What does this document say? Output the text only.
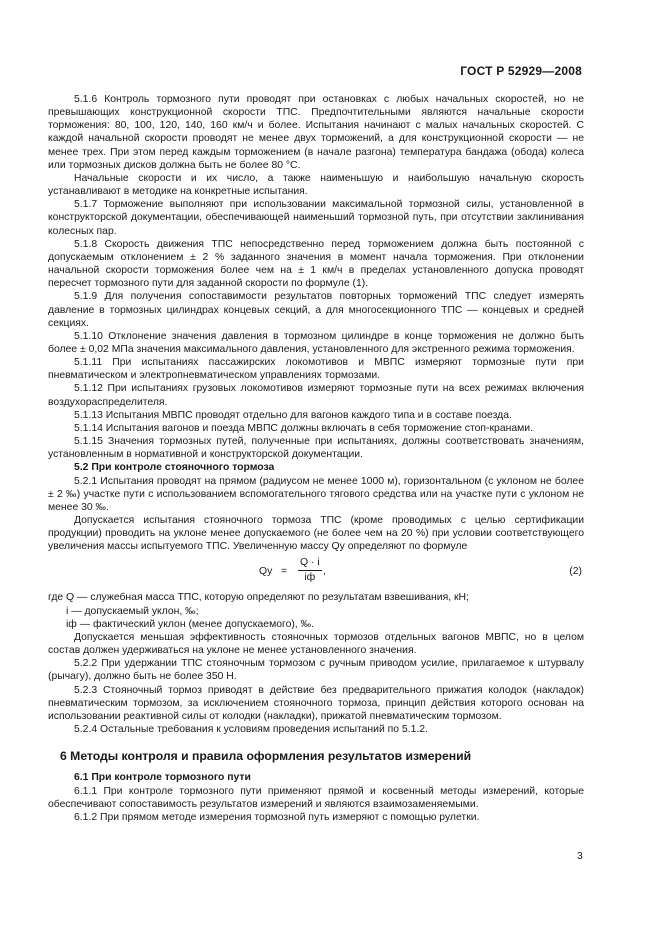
ГОСТ Р 52929—2008

5.1.6 Контроль тормозного пути проводят при остановках с любых начальных скоростей, но не превышающих конструкционной скорости ТПС. Предпочтительными являются начальные скорости торможения: 80, 100, 120, 140, 160 км/ч и более. Испытания начинают с малых начальных скоростей. С каждой начальной скорости проводят не менее двух торможений, а для конструкционной скорости — не менее трех. При этом перед каждым торможением (в начале разгона) температура бандажа (обода) колеса или тормозных дисков должна быть не более 80 °С.

Начальные скорости и их число, а также наименьшую и наибольшую начальную скорость устанавливают в методике на конкретные испытания.

5.1.7 Торможение выполняют при использовании максимальной тормозной силы, установленной в конструкторской документации, обеспечивающей наименьший тормозной путь, при отсутствии заклинивания колесных пар.

5.1.8 Скорость движения ТПС непосредственно перед торможением должна быть постоянной с допускаемым отклонением ± 2 % заданного значения в момент начала торможения. При отклонении начальной скорости торможения более чем на ± 1 км/ч в пределах установленного допуска проводят пересчет тормозного пути для заданной скорости по формуле (1).

5.1.9 Для получения сопоставимости результатов повторных торможений ТПС следует измерять давление в тормозных цилиндрах концевых секций, а для многосекционного ТПС — концевых и средней секциях.

5.1.10 Отклонение значения давления в тормозном цилиндре в конце торможения не должно быть более ± 0,02 МПа значения максимального давления, установленного для экстренного режима торможения.

5.1.11 При испытаниях пассажирских локомотивов и МВПС измеряют тормозные пути при пневматическом и электропневматическом управлениях тормозами.

5.1.12 При испытаниях грузовых локомотивов измеряют тормозные пути на всех режимах включения воздухораспределителя.

5.1.13 Испытания МВПС проводят отдельно для вагонов каждого типа и в составе поезда.

5.1.14 Испытания вагонов и поезда МВПС должны включать в себя торможение стоп-кранами.

5.1.15 Значения тормозных путей, полученные при испытаниях, должны соответствовать значениям, установленным в нормативной и конструкторской документации.

5.2 При контроле стояночного тормоза

5.2.1 Испытания проводят на прямом (радиусом не менее 1000 м), горизонтальном (с уклоном не более ± 2 ‰) участке пути с использованием вспомогательного тягового средства или на участке пути с уклоном не менее 30 ‰.

Допускается испытания стояночного тормоза ТПС (кроме проводимых с целью сертификации продукции) проводить на уклоне менее допускаемого (не более чем на 20 %) при условии соответствующего увеличения массы испытуемого ТПС. Увеличенную массу Qу определяют по формуле

Qу =
Q · i
iф ,	(2)

где Q — служебная масса ТПС, которую определяют по результатам взвешивания, кН;

i — допускаемый уклон, ‰;

iф — фактический уклон (менее допускаемого), ‰.

Допускается меньшая эффективность стояночных тормозов отдельных вагонов МВПС, но в целом состав должен удерживаться на уклоне не менее установленного значения.

5.2.2 При удержании ТПС стояночным тормозом с ручным приводом усилие, прилагаемое к штурвалу (рычагу), должно быть не более 350 Н.

5.2.3 Стояночный тормоз приводят в действие без предварительного прижатия колодок (накладок) пневматическим тормозом, за исключением стояночного тормоза, принцип действия которого основан на использовании реактивной силы от колодки (накладки), прижатой пневматическим тормозом.

5.2.4 Остальные требования к условиям проведения испытаний по 5.1.2.

6 Методы контроля и правила оформления результатов измерений

6.1 При контроле тормозного пути

6.1.1 При контроле тормозного пути применяют прямой и косвенный методы измерений, которые обеспечивают сопоставимость результатов измерений и являются взаимозаменяемыми.

6.1.2 При прямом методе измерения тормозной путь измеряют с помощью рулетки.

3
